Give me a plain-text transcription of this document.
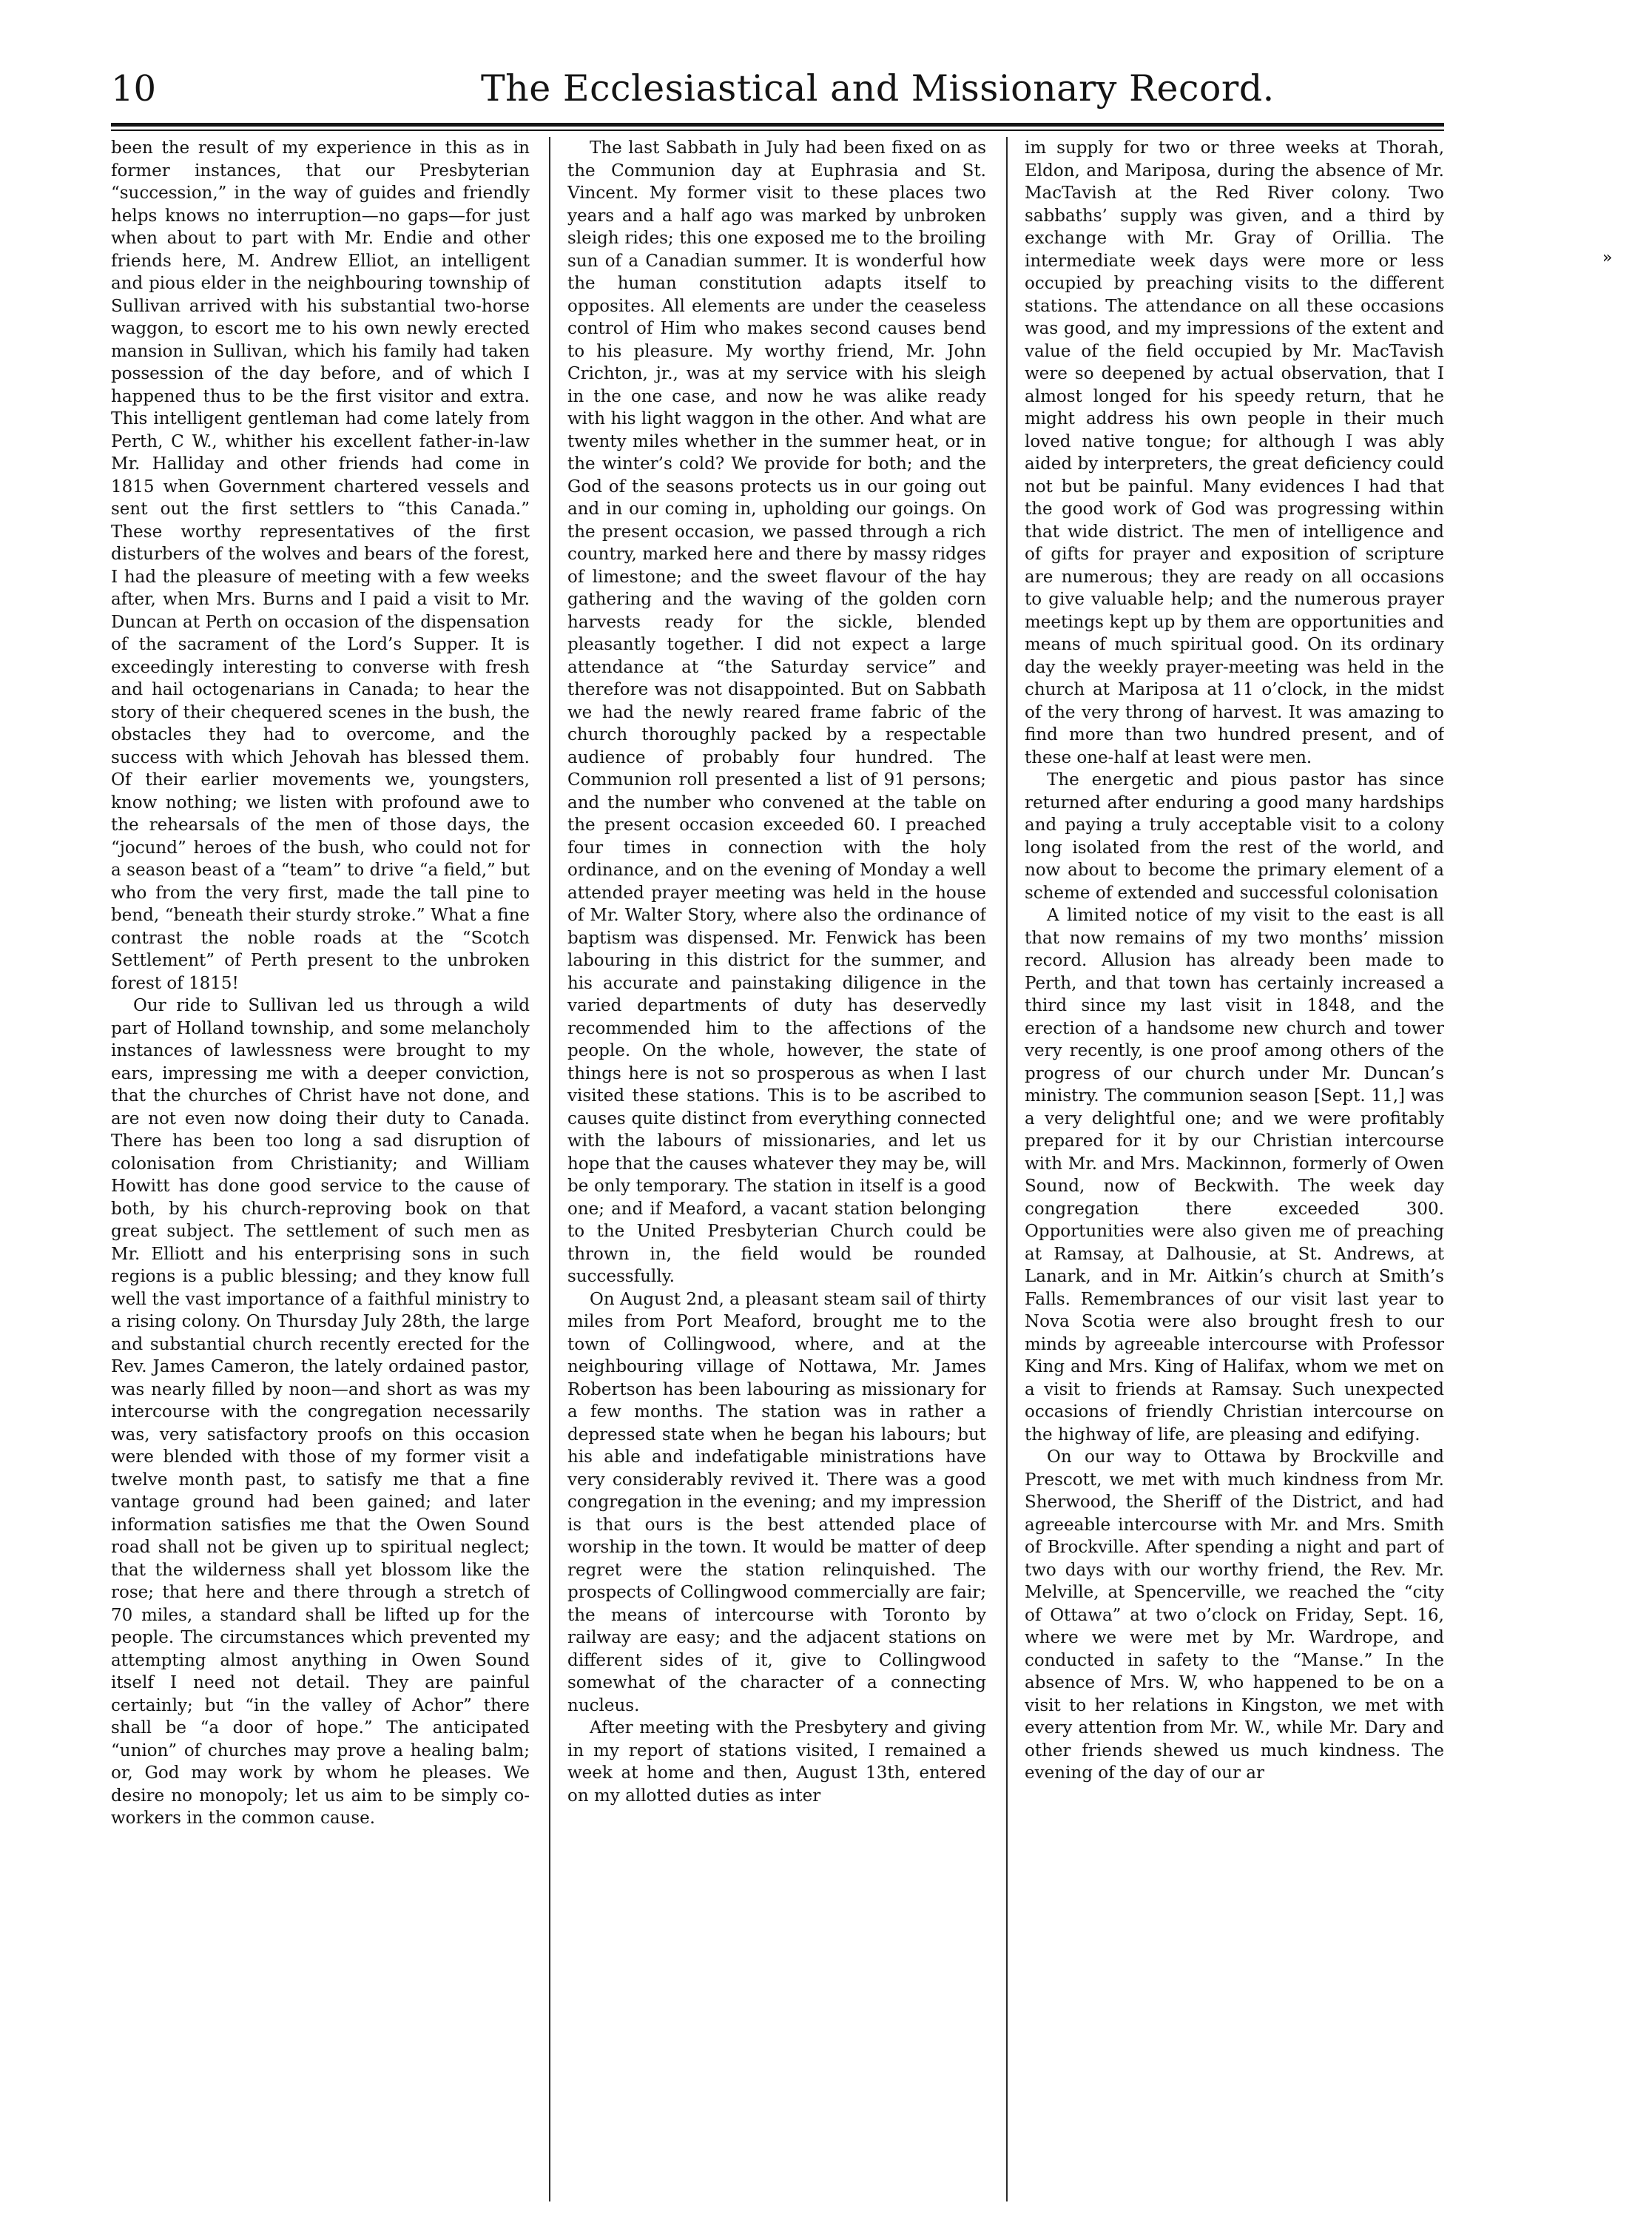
10	The Ecclesiastical and Missionary Record.

been the result of my experience in this as in former instances, that our Presbyterian “succession,” in the way of guides and friendly helps knows no interruption—no gaps—for just when about to part with Mr. Endie and other friends here, M. Andrew Elliot, an intelligent and pious elder in the neighbouring township of Sullivan arrived with his substantial two-horse waggon, to escort me to his own newly erected mansion in Sullivan, which his family had taken possession of the day before, and of which I happened thus to be the first visitor and extra. This intelligent gentleman had come lately from Perth, C W., whither his excellent father-in-law Mr. Halliday and other friends had come in 1815 when Government chartered vessels and sent out the first settlers to “this Canada.” These worthy representatives of the first disturbers of the wolves and bears of the forest, I had the pleasure of meeting with a few weeks after, when Mrs. Burns and I paid a visit to Mr. Duncan at Perth on occasion of the dispensation of the sacrament of the Lord’s Supper. It is exceedingly interesting to converse with fresh and hail octogenarians in Canada; to hear the story of their chequered scenes in the bush, the obstacles they had to overcome, and the success with which Jehovah has blessed them. Of their earlier movements we, youngsters, know nothing; we listen with profound awe to the rehearsals of the men of those days, the “jocund” heroes of the bush, who could not for a season beast of a “team” to drive “a field,” but who from the very first, made the tall pine to bend, “beneath their sturdy stroke.” What a fine contrast the noble roads at the “Scotch Settlement” of Perth present to the unbroken forest of 1815!

Our ride to Sullivan led us through a wild part of Holland township, and some melancholy instances of lawlessness were brought to my ears, impressing me with a deeper conviction, that the churches of Christ have not done, and are not even now doing their duty to Canada. There has been too long a sad disruption of colonisation from Christianity; and William Howitt has done good service to the cause of both, by his church-reproving book on that great subject. The settlement of such men as Mr. Elliott and his enterprising sons in such regions is a public blessing; and they know full well the vast importance of a faithful ministry to a rising colony. On Thursday July 28th, the large and substantial church recently erected for the Rev. James Cameron, the lately ordained pastor, was nearly filled by noon—and short as was my intercourse with the congregation necessarily was, very satisfactory proofs on this occasion were blended with those of my former visit a twelve month past, to satisfy me that a fine vantage ground had been gained; and later information satisfies me that the Owen Sound road shall not be given up to spiritual neglect; that the wilderness shall yet blossom like the rose; that here and there through a stretch of 70 miles, a standard shall be lifted up for the people. The circumstances which prevented my attempting almost anything in Owen Sound itself I need not detail. They are painful certainly; but “in the valley of Achor” there shall be “a door of hope.” The anticipated “union” of churches may prove a healing balm; or, God may work by whom he pleases. We desire no monopoly; let us aim to be simply co-workers in the common cause.

The last Sabbath in July had been fixed on as the Communion day at Euphrasia and St. Vincent. My former visit to these places two years and a half ago was marked by unbroken sleigh rides; this one exposed me to the broiling sun of a Canadian summer. It is wonderful how the human constitution adapts itself to opposites. All elements are under the ceaseless control of Him who makes second causes bend to his pleasure. My worthy friend, Mr. John Crichton, jr., was at my service with his sleigh in the one case, and now he was alike ready with his light waggon in the other. And what are twenty miles whether in the summer heat, or in the winter’s cold? We provide for both; and the God of the seasons protects us in our going out and in our coming in, upholding our goings. On the present occasion, we passed through a rich country, marked here and there by massy ridges of limestone; and the sweet flavour of the hay gathering and the waving of the golden corn harvests ready for the sickle, blended pleasantly together. I did not expect a large attendance at “the Saturday service” and therefore was not disappointed. But on Sabbath we had the newly reared frame fabric of the church thoroughly packed by a respectable audience of probably four hundred. The Communion roll presented a list of 91 persons; and the number who convened at the table on the present occasion exceeded 60. I preached four times in connection with the holy ordinance, and on the evening of Monday a well attended prayer meeting was held in the house of Mr. Walter Story, where also the ordinance of baptism was dispensed. Mr. Fenwick has been labouring in this district for the summer, and his accurate and painstaking diligence in the varied departments of duty has deservedly recommended him to the affections of the people. On the whole, however, the state of things here is not so prosperous as when I last visited these stations. This is to be ascribed to causes quite distinct from everything connected with the labours of missionaries, and let us hope that the causes whatever they may be, will be only temporary. The station in itself is a good one; and if Meaford, a vacant station belonging to the United Presbyterian Church could be thrown in, the field would be rounded successfully.

On August 2nd, a pleasant steam sail of thirty miles from Port Meaford, brought me to the town of Collingwood, where, and at the neighbouring village of Nottawa, Mr. James Robertson has been labouring as missionary for a few months. The station was in rather a depressed state when he began his labours; but his able and indefatigable ministrations have very considerably revived it. There was a good congregation in the evening; and my impression is that ours is the best attended place of worship in the town. It would be matter of deep regret were the station relinquished. The prospects of Collingwood commercially are fair; the means of intercourse with Toronto by railway are easy; and the adjacent stations on different sides of it, give to Collingwood somewhat of the character of a connecting nucleus.

After meeting with the Presbytery and giving in my report of stations visited, I remained a week at home and then, August 13th, entered on my allotted duties as inter

im supply for two or three weeks at Thorah, Eldon, and Mariposa, during the absence of Mr. MacTavish at the Red River colony. Two sabbaths’ supply was given, and a third by exchange with Mr. Gray of Orillia. The intermediate week days were more or less occupied by preaching visits to the different stations. The attendance on all these occasions was good, and my impressions of the extent and value of the field occupied by Mr. MacTavish were so deepened by actual observation, that I almost longed for his speedy return, that he might address his own people in their much loved native tongue; for although I was ably aided by interpreters, the great deficiency could not but be painful. Many evidences I had that the good work of God was progressing within that wide district. The men of intelligence and of gifts for prayer and exposition of scripture are numerous; they are ready on all occasions to give valuable help; and the numerous prayer meetings kept up by them are opportunities and means of much spiritual good. On its ordinary day the weekly prayer-meeting was held in the church at Mariposa at 11 o’clock, in the midst of the very throng of harvest. It was amazing to find more than two hundred present, and of these one-half at least were men.

The energetic and pious pastor has since returned after enduring a good many hardships and paying a truly acceptable visit to a colony long isolated from the rest of the world, and now about to become the primary element of a scheme of extended and successful colonisation

A limited notice of my visit to the east is all that now remains of my two months’ mission record. Allusion has already been made to Perth, and that town has certainly increased a third since my last visit in 1848, and the erection of a handsome new church and tower very recently, is one proof among others of the progress of our church under Mr. Duncan’s ministry. The communion season [Sept. 11,] was a very delightful one; and we were profitably prepared for it by our Christian intercourse with Mr. and Mrs. Mackinnon, formerly of Owen Sound, now of Beckwith. The week day congregation there exceeded 300. Opportunities were also given me of preaching at Ramsay, at Dalhousie, at St. Andrews, at Lanark, and in Mr. Aitkin’s church at Smith’s Falls. Remembrances of our visit last year to Nova Scotia were also brought fresh to our minds by agreeable intercourse with Professor King and Mrs. King of Halifax, whom we met on a visit to friends at Ramsay. Such unexpected occasions of friendly Christian intercourse on the highway of life, are pleasing and edifying.

On our way to Ottawa by Brockville and Prescott, we met with much kindness from Mr. Sherwood, the Sheriff of the District, and had agreeable intercourse with Mr. and Mrs. Smith of Brockville. After spending a night and part of two days with our worthy friend, the Rev. Mr. Melville, at Spencerville, we reached the “city of Ottawa” at two o’clock on Friday, Sept. 16, where we were met by Mr. Wardrope, and conducted in safety to the “Manse.” In the absence of Mrs. W, who happened to be on a visit to her relations in Kingston, we met with every attention from Mr. W., while Mr. Dary and other friends shewed us much kindness. The evening of the day of our ar

»
